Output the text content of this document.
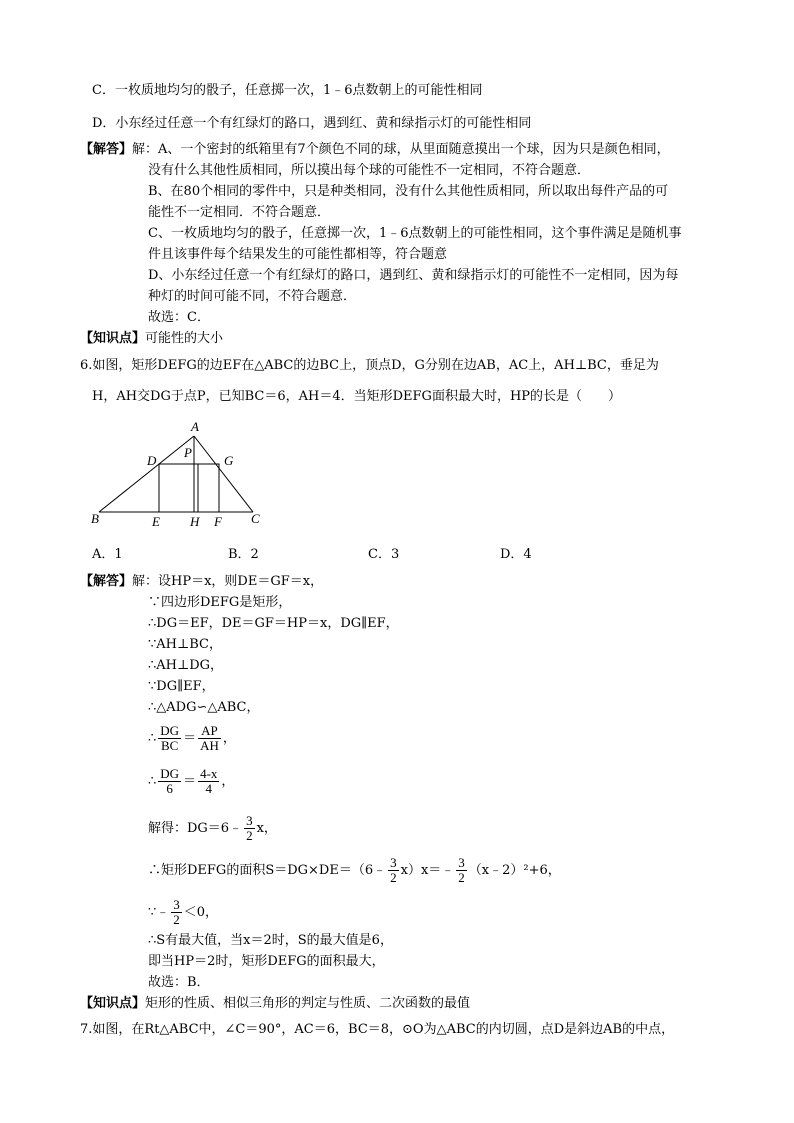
C．一枚质地均匀的骰子，任意掷一次，1﹣6点数朝上的可能性相同
D．小东经过任意一个有红绿灯的路口，遇到红、黄和绿指示灯的可能性相同
【解答】解：A、一个密封的纸箱里有7个颜色不同的球，从里面随意摸出一个球，因为只是颜色相同，
没有什么其他性质相同，所以摸出每个球的可能性不一定相同，不符合题意．
B、在80个相同的零件中，只是种类相同，没有什么其他性质相同，所以取出每件产品的可
能性不一定相同．不符合题意．
C、一枚质地均匀的骰子，任意掷一次，1﹣6点数朝上的可能性相同，这个事件满足是随机事
件且该事件每个结果发生的可能性都相等，符合题意
D、小东经过任意一个有红绿灯的路口，遇到红、黄和绿指示灯的可能性不一定相同，因为每
种灯的时间可能不同，不符合题意．
故选：C．
【知识点】可能性的大小
6.如图，矩形DEFG的边EF在△ABC的边BC上，顶点D，G分别在边AB，AC上，AH⊥BC，垂足为
H，AH交DG于点P，已知BC＝6，AH＝4．当矩形DEFG面积最大时，HP的长是（　　）
A
B	C
D
E	F
G
H
P
A．1	B．2	C．3	D．4
【解答】解：设HP＝x，则DE＝GF＝x，
∵四边形DEFG是矩形，
∴DG＝EF，DE＝GF＝HP＝x，DG∥EF，
∵AH⊥BC，
∴AH⊥DG，
∵DG∥EF，
∴△ADG∽△ABC，
∴ $\frac{DG}{BC} = \frac{AP}{AH}$ ，
∴ $\frac{DG}{6} = \frac{4-x}{4}$ ，
解得：DG＝6﹣ $\frac{3}{2}$ x，
∴矩形DEFG的面积S＝DG×DE＝（6﹣ $\frac{3}{2}$ x）x＝﹣ $\frac{3}{2}$ （x﹣2）²+6，
∵﹣ $\frac{3}{2} <0$，
∴S有最大值，当x＝2时，S的最大值是6，
即当HP＝2时，矩形DEFG的面积最大，
故选：B．
【知识点】矩形的性质、相似三角形的判定与性质、二次函数的最值
7.如图，在Rt△ABC中，∠C＝90°，AC＝6，BC＝8，⊙O为△ABC的内切圆，点D是斜边AB的中点，
